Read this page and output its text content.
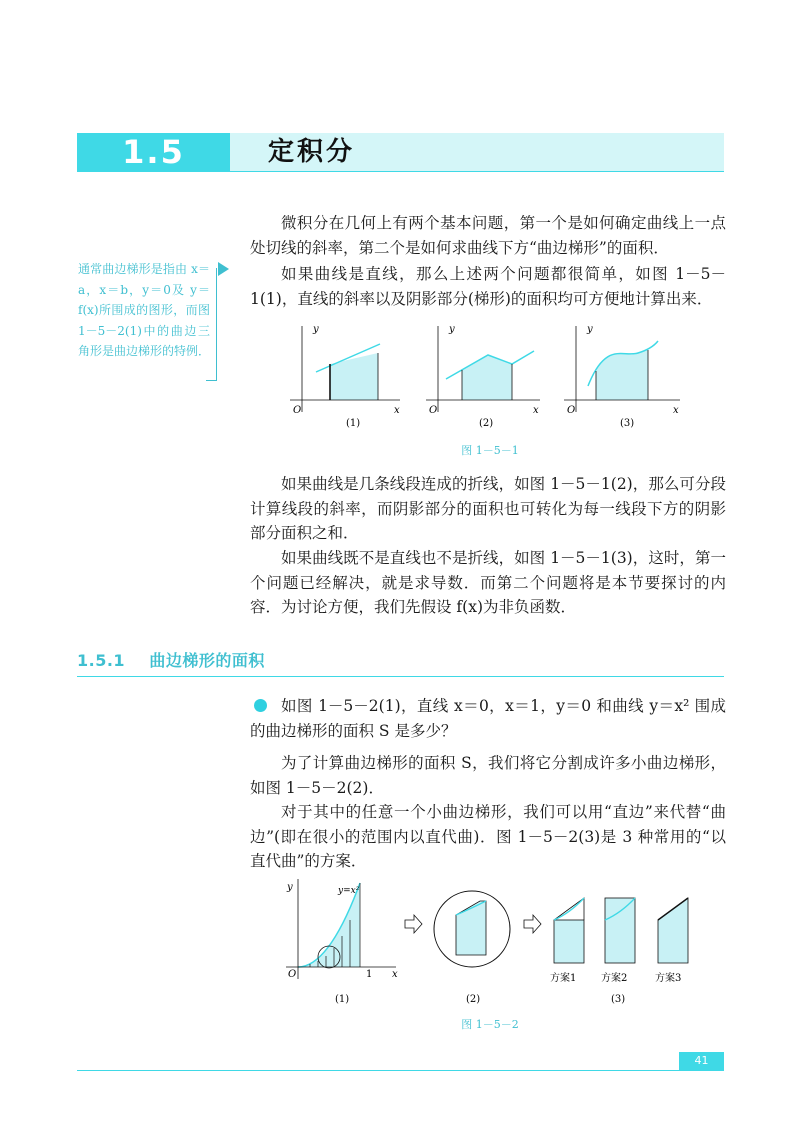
1.5	定积分
通常曲边梯形是指由 x＝a，x＝b，y＝0及 y＝f(x)所围成的图形，而图1－5－2(1)中的曲边三角形是曲边梯形的特例．
微积分在几何上有两个基本问题，第一个是如何确定曲线上一点处切线的斜率，第二个是如何求曲线下方“曲边梯形”的面积．
如果曲线是直线，那么上述两个问题都很简单，如图 1－5－1(1)，直线的斜率以及阴影部分(梯形)的面积均可方便地计算出来．
y
x
O
(1)
y
x
O
(2)
y
x
O
(3)
图 1－5－1
如果曲线是几条线段连成的折线，如图 1－5－1(2)，那么可分段计算线段的斜率，而阴影部分的面积也可转化为每一线段下方的阴影部分面积之和．
如果曲线既不是直线也不是折线，如图 1－5－1(3)，这时，第一个问题已经解决，就是求导数．而第二个问题将是本节要探讨的内容．为讨论方便，我们先假设 f(x)为非负函数．
1.5.1 曲边梯形的面积
如图 1－5－2(1)，直线 x＝0，x＝1，y＝0 和曲线 y＝x² 围成的曲边梯形的面积 S 是多少？
为了计算曲边梯形的面积 S，我们将它分割成许多小曲边梯形，如图 1－5－2(2)．
对于其中的任意一个小曲边梯形，我们可以用“直边”来代替“曲边”(即在很小的范围内以直代曲)．图 1－5－2(3)是 3 种常用的“以直代曲”的方案．
y
x
O	1
y=x²
(1)	(2)
方案1 方案2	方案3
(3)
图 1－5－2
41
